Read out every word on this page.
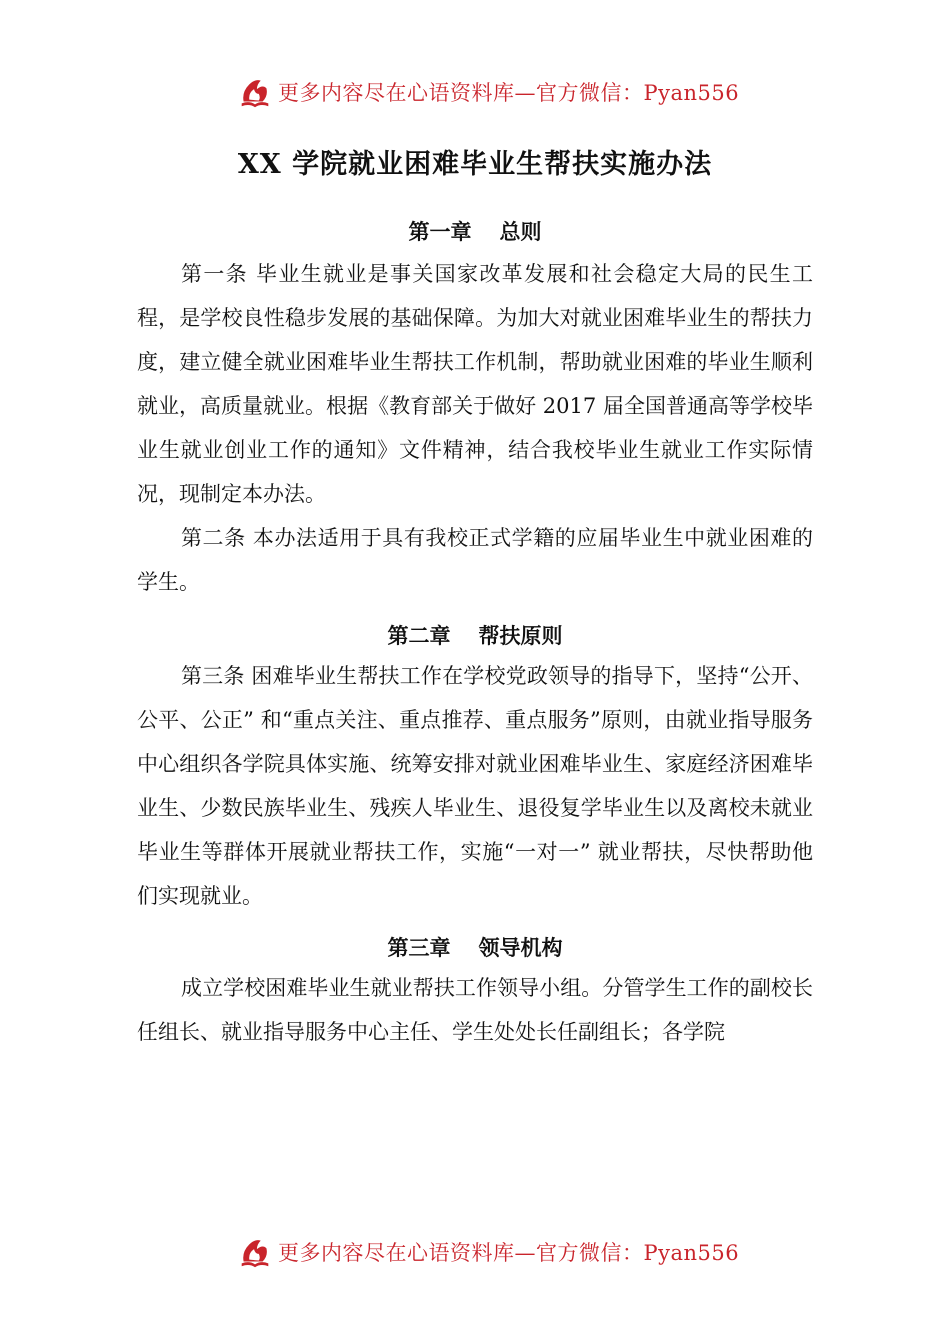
更多内容尽在心语资料库—官方微信：Pyan556
XX 学院就业困难毕业生帮扶实施办法
第一章 总则

第一条 毕业生就业是事关国家改革发展和社会稳定大局的民生工程，是学校良性稳步发展的基础保障。为加大对就业困难毕业生的帮扶力度，建立健全就业困难毕业生帮扶工作机制，帮助就业困难的毕业生顺利就业，高质量就业。根据《教育部关于做好 2017 届全国普通高等学校毕业生就业创业工作的通知》文件精神，结合我校毕业生就业工作实际情况，现制定本办法。

第二条 本办法适用于具有我校正式学籍的应届毕业生中就业困难的学生。

第二章 帮扶原则

第三条 困难毕业生帮扶工作在学校党政领导的指导下，坚持“公开、公平、公正” 和“重点关注、重点推荐、重点服务”原则，由就业指导服务中心组织各学院具体实施、统筹安排对就业困难毕业生、家庭经济困难毕业生、少数民族毕业生、残疾人毕业生、退役复学毕业生以及离校未就业毕业生等群体开展就业帮扶工作，实施“一对一” 就业帮扶，尽快帮助他们实现就业。

第三章 领导机构

成立学校困难毕业生就业帮扶工作领导小组。分管学生工作的副校长任组长、就业指导服务中心主任、学生处处长任副组长；各学院

更多内容尽在心语资料库—官方微信：Pyan556
